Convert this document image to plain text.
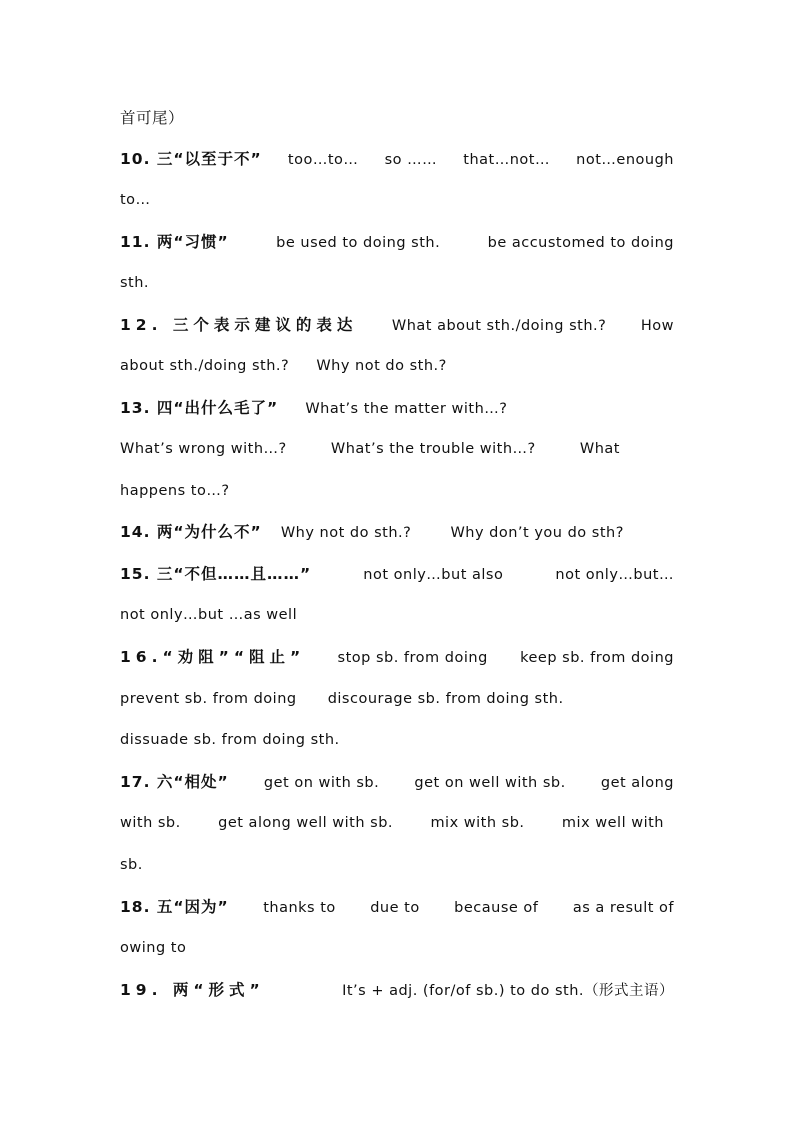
首可尾）
10. 三“以至于不” too…to… so …… that…not… not…enough
to…
11. 两“习惯”	be used to doing sth.	be accustomed to doing
sth.
12. 三个表示建议的表达 What about sth./doing sth.? How
about sth./doing sth.? Why not do sth.?
13. 四“出什么毛了” What’s the matter with…?
What’s wrong with…?	What’s the trouble with…?	What
happens to…?
14. 两“为什么不” Why not do sth.?	Why don’t you do sth?
15. 三“不但……且……”	not only…but also	not only…but…
not only…but …as well
16.“劝阻”“阻止” stop sb. from doing keep sb. from doing
prevent sb. from doing discourage sb. from doing sth.
dissuade sb. from doing sth.
17. 六“相处” get on with sb. get on well with sb. get along
with sb.	get along well with sb.	mix with sb.	mix well with
sb.
18. 五“因为” thanks to due to because of as a result of
owing to
19. 两“形式”	It’s + adj. (for/of sb.) to do sth.（形式主语）
